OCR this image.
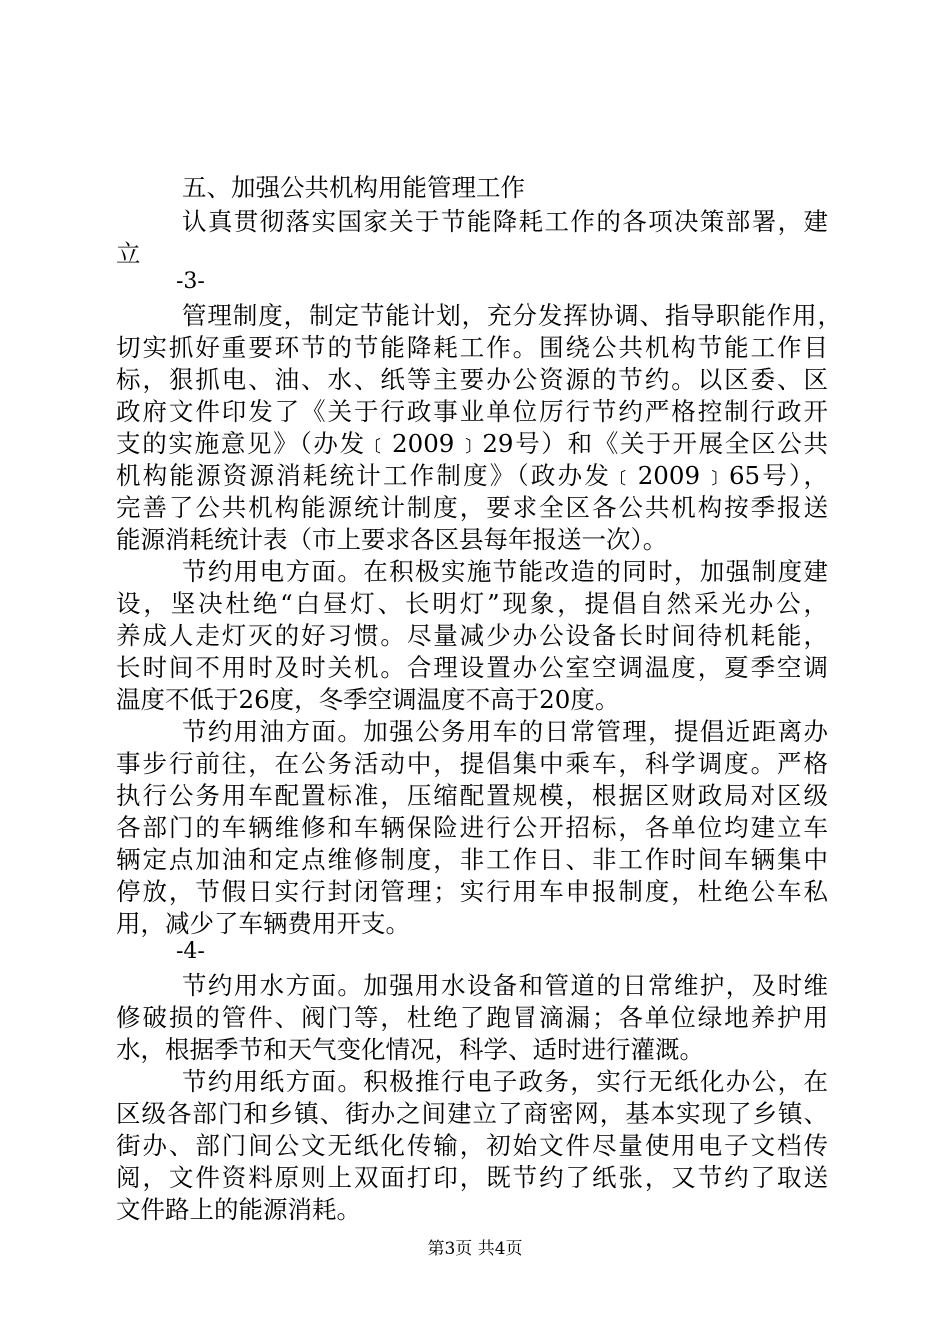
五、加强公共机构用能管理工作
认真贯彻落实国家关于节能降耗工作的各项决策部署，建
立
-3-
管理制度，制定节能计划，充分发挥协调、指导职能作用，
切实抓好重要环节的节能降耗工作。围绕公共机构节能工作目
标，狠抓电、油、水、纸等主要办公资源的节约。以区委、区
政府文件印发了《关于行政事业单位厉行节约严格控制行政开
支的实施意见》（办发﹝2009﹞29号）和《关于开展全区公共
机构能源资源消耗统计工作制度》（政办发﹝2009﹞65号），
完善了公共机构能源统计制度，要求全区各公共机构按季报送
能源消耗统计表（市上要求各区县每年报送一次）。
节约用电方面。在积极实施节能改造的同时，加强制度建
设，坚决杜绝“白昼灯、长明灯”现象，提倡自然采光办公，
养成人走灯灭的好习惯。尽量减少办公设备长时间待机耗能，
长时间不用时及时关机。合理设置办公室空调温度，夏季空调
温度不低于26度，冬季空调温度不高于20度。
节约用油方面。加强公务用车的日常管理，提倡近距离办
事步行前往，在公务活动中，提倡集中乘车，科学调度。严格
执行公务用车配置标准，压缩配置规模，根据区财政局对区级
各部门的车辆维修和车辆保险进行公开招标，各单位均建立车
辆定点加油和定点维修制度，非工作日、非工作时间车辆集中
停放，节假日实行封闭管理；实行用车申报制度，杜绝公车私
用，减少了车辆费用开支。
-4-
节约用水方面。加强用水设备和管道的日常维护，及时维
修破损的管件、阀门等，杜绝了跑冒滴漏；各单位绿地养护用
水，根据季节和天气变化情况，科学、适时进行灌溉。
节约用纸方面。积极推行电子政务，实行无纸化办公，在
区级各部门和乡镇、街办之间建立了商密网，基本实现了乡镇、
街办、部门间公文无纸化传输，初始文件尽量使用电子文档传
阅，文件资料原则上双面打印，既节约了纸张，又节约了取送
文件路上的能源消耗。
第3页 共4页
